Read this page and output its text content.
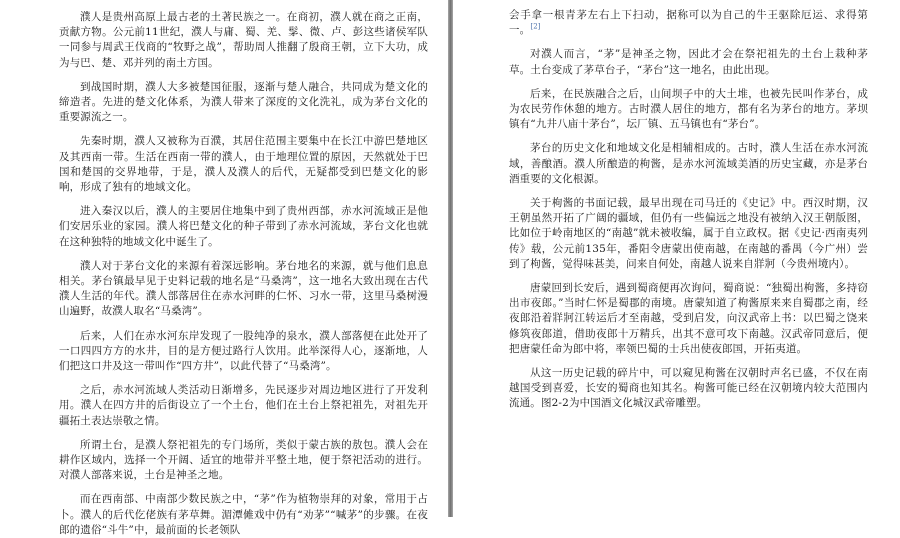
濮人是贵州高原上最古老的土著民族之一。在商初，濮人就在商之正南，贡献方物。公元前11世纪，濮人与庸、蜀、羌、髳、微、卢、彭这些诸侯军队一同参与周武王伐商的“牧野之战”，帮助周人推翻了殷商王朝，立下大功，成为与巴、楚、邓并列的南土方国。

到战国时期，濮人大多被楚国征服，逐渐与楚人融合，共同成为楚文化的缔造者。先进的楚文化体系，为濮人带来了深度的文化洗礼，成为茅台文化的重要源流之一。

先秦时期，濮人又被称为百濮，其居住范围主要集中在长江中游巴楚地区及其西南一带。生活在西南一带的濮人，由于地理位置的原因，天然就处于巴国和楚国的交界地带，于是，濮人及濮人的后代，无疑都受到巴楚文化的影响，形成了独有的地域文化。

进入秦汉以后，濮人的主要居住地集中到了贵州西部，赤水河流域正是他们安居乐业的家园。濮人将巴楚文化的种子带到了赤水河流域，茅台文化也就在这种独特的地域文化中诞生了。

濮人对于茅台文化的来源有着深远影响。茅台地名的来源，就与他们息息相关。茅台镇最早见于史料记载的地名是“马桑湾”，这一地名大致出现在古代濮人生活的年代。濮人部落居住在赤水河畔的仁怀、习水一带，这里马桑树漫山遍野，故濮人取名“马桑湾”。

后来，人们在赤水河东岸发现了一股纯净的泉水，濮人部落便在此处开了一口四四方方的水井，目的是方便过路行人饮用。此举深得人心，逐渐地，人们把这口井及这一带叫作“四方井”，以此代替了“马桑湾”。

之后，赤水河流域人类活动日渐增多，先民逐步对周边地区进行了开发利用。濮人在四方井的后街设立了一个土台，他们在土台上祭祀祖先，对祖先开疆拓土表达崇敬之情。

所谓土台，是濮人祭祀祖先的专门场所，类似于蒙古族的敖包。濮人会在耕作区域内，选择一个开阔、适宜的地带并平整土地，便于祭祀活动的进行。对濮人部落来说，土台是神圣之地。

而在西南部、中南部少数民族之中，“茅”作为植物崇拜的对象，常用于占卜。濮人的后代仡佬族有茅草舞。湄潭傩戏中仍有“劝茅”“喊茅”的步骤。在夜郎的遗俗“斗牛”中，最前面的长老领队

会手拿一根青茅左右上下扫动，据称可以为自己的牛王驱除厄运、求得第一。[2]

对濮人而言，“茅”是神圣之物，因此才会在祭祀祖先的土台上栽种茅草。土台变成了茅草台子，“茅台”这一地名，由此出现。

后来，在民族融合之后，山间坝子中的大土堆，也被先民叫作茅台，成为农民劳作休憩的地方。古时濮人居住的地方，都有名为茅台的地方。茅坝镇有“九井八庙十茅台”，坛厂镇、五马镇也有“茅台”。

茅台的历史文化和地域文化是相辅相成的。古时，濮人生活在赤水河流域，善酿酒。濮人所酿造的枸酱，是赤水河流域美酒的历史宝藏，亦是茅台酒重要的文化根源。

关于枸酱的书面记载，最早出现在司马迁的《史记》中。西汉时期，汉王朝虽然开拓了广阔的疆域，但仍有一些偏远之地没有被纳入汉王朝版图，比如位于岭南地区的“南越”就未被收编，属于自立政权。据《史记·西南夷列传》载，公元前135年，番阳令唐蒙出使南越，在南越的番禺（今广州）尝到了枸酱，觉得味甚美，问来自何处，南越人说来自牂牁（今贵州境内）。

唐蒙回到长安后，遇到蜀商便再次询问，蜀商说：“独蜀出枸酱，多持窃出市夜郎。”当时仁怀是蜀郡的南境。唐蒙知道了枸酱原来来自蜀郡之南，经夜郎沿着牂牁江转运后才至南越，受到启发，向汉武帝上书：以巴蜀之饶来修筑夜郎道，借助夜郎十万精兵，出其不意可攻下南越。汉武帝同意后，便把唐蒙任命为郎中将，率领巴蜀的士兵出使夜郎国，开拓夷道。

从这一历史记载的碎片中，可以窥见枸酱在汉朝时声名已盛，不仅在南越国受到喜爱，长安的蜀商也知其名。枸酱可能已经在汉朝境内较大范围内流通。图2-2为中国酒文化城汉武帝雕塑。
